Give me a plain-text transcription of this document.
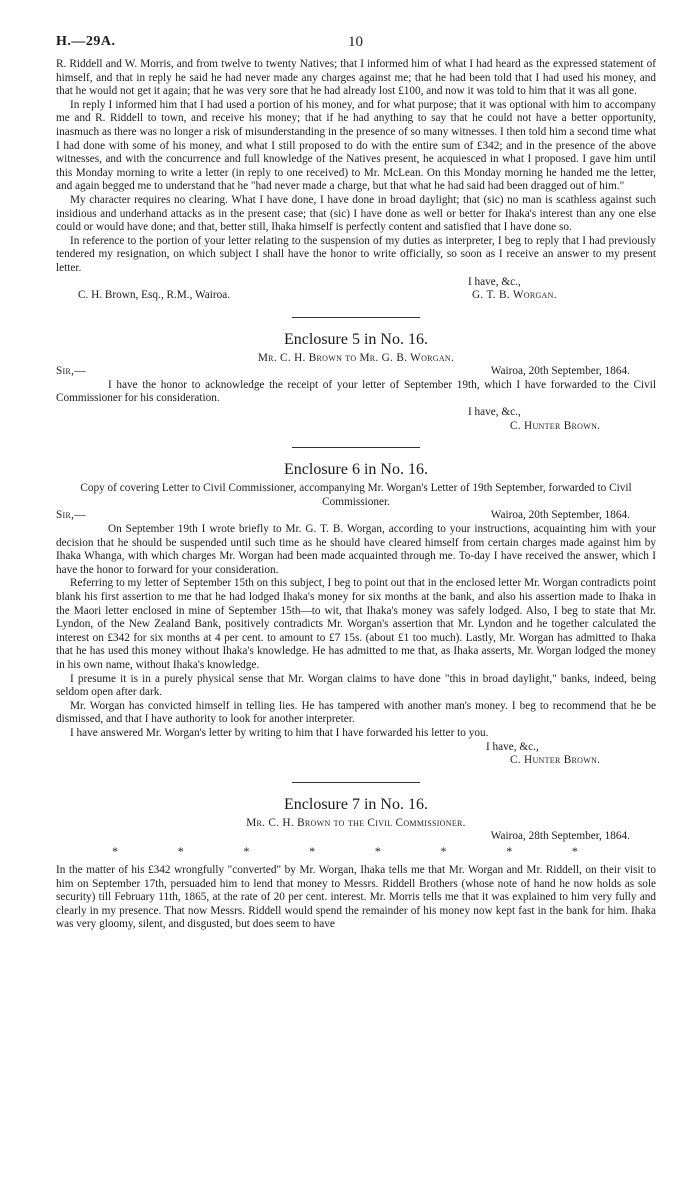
H.—29A.	10

R. Riddell and W. Morris, and from twelve to twenty Natives; that I informed him of what I had heard as the expressed statement of himself, and that in reply he said he had never made any charges against me; that he had been told that I had used his money, and that he would not get it again; that he was very sore that he had already lost £100, and now it was told to him that it was all gone.

In reply I informed him that I had used a portion of his money, and for what purpose; that it was optional with him to accompany me and R. Riddell to town, and receive his money; that if he had anything to say that he could not have a better opportunity, inasmuch as there was no longer a risk of misunderstanding in the presence of so many witnesses. I then told him a second time what I had done with some of his money, and what I still proposed to do with the entire sum of £342; and in the presence of the above witnesses, and with the concurrence and full knowledge of the Natives present, he acquiesced in what I proposed. I gave him until this Monday morning to write a letter (in reply to one received) to Mr. McLean. On this Monday morning he handed me the letter, and again begged me to understand that he "had never made a charge, but that what he had said had been dragged out of him."

My character requires no clearing. What I have done, I have done in broad daylight; that (sic) no man is scathless against such insidious and underhand attacks as in the present case; that (sic) I have done as well or better for Ihaka's interest than any one else could or would have done; and that, better still, Ihaka himself is perfectly content and satisfied that I have done so.

In reference to the portion of your letter relating to the suspension of my duties as interpreter, I beg to reply that I had previously tendered my resignation, on which subject I shall have the honor to write officially, so soon as I receive an answer to my present letter.

I have, &c.,
C. H. Brown, Esq., R.M., Wairoa.	G. T. B. Worgan.
Enclosure 5 in No. 16.
Mr. C. H. Brown to Mr. G. B. Worgan.
Sir,—	Wairoa, 20th September, 1864.

I have the honor to acknowledge the receipt of your letter of September 19th, which I have forwarded to the Civil Commissioner for his consideration.

I have, &c.,
C. Hunter Brown.
Enclosure 6 in No. 16.
Copy of covering Letter to Civil Commissioner, accompanying Mr. Worgan's Letter of 19th September, forwarded to Civil Commissioner.
Sir,—	Wairoa, 20th September, 1864.

On September 19th I wrote briefly to Mr. G. T. B. Worgan, according to your instructions, acquainting him with your decision that he should be suspended until such time as he should have cleared himself from certain charges made against him by Ihaka Whanga, with which charges Mr. Worgan had been made acquainted through me. To-day I have received the answer, which I have the honor to forward for your consideration.

Referring to my letter of September 15th on this subject, I beg to point out that in the enclosed letter Mr. Worgan contradicts point blank his first assertion to me that he had lodged Ihaka's money for six months at the bank, and also his assertion made to Ihaka in the Maori letter enclosed in mine of September 15th—to wit, that Ihaka's money was safely lodged. Also, I beg to state that Mr. Lyndon, of the New Zealand Bank, positively contradicts Mr. Worgan's assertion that Mr. Lyndon and he together calculated the interest on £342 for six months at 4 per cent. to amount to £7 15s. (about £1 too much). Lastly, Mr. Worgan has admitted to Ihaka that he has used this money without Ihaka's knowledge. He has admitted to me that, as Ihaka asserts, Mr. Worgan lodged the money in his own name, without Ihaka's knowledge.

I presume it is in a purely physical sense that Mr. Worgan claims to have done "this in broad daylight," banks, indeed, being seldom open after dark.

Mr. Worgan has convicted himself in telling lies. He has tampered with another man's money. I beg to recommend that he be dismissed, and that I have authority to look for another interpreter.

I have answered Mr. Worgan's letter by writing to him that I have forwarded his letter to you.

I have, &c.,
C. Hunter Brown.
Enclosure 7 in No. 16.
Mr. C. H. Brown to the Civil Commissioner.
Wairoa, 28th September, 1864.
*	*	*	*	*	*	*	*

In the matter of his £342 wrongfully "converted" by Mr. Worgan, Ihaka tells me that Mr. Worgan and Mr. Riddell, on their visit to him on September 17th, persuaded him to lend that money to Messrs. Riddell Brothers (whose note of hand he now holds as sole security) till February 11th, 1865, at the rate of 20 per cent. interest. Mr. Morris tells me that it was explained to him very fully and clearly in my presence. That now Messrs. Riddell would spend the remainder of his money now kept fast in the bank for him. Ihaka was very gloomy, silent, and disgusted, but does seem to have
